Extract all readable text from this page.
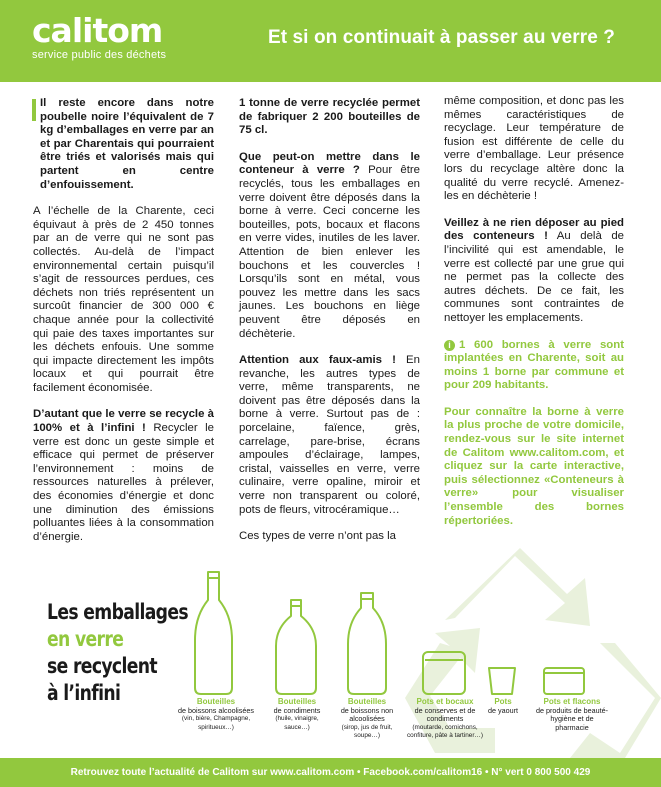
calitom
service public des déchets
Et si on continuait à passer au verre ?

Il reste encore dans notre poubelle noire l’équivalent de 7 kg d’emballages en verre par an et par Charentais qui pourraient être triés et valorisés mais qui partent en centre d’enfouissement.

A l’échelle de la Charente, ceci équivaut à près de 2 450 tonnes par an de verre qui ne sont pas collectés. Au-delà de l’impact environnemental certain puisqu’il s’agit de ressources perdues, ces déchets non triés représentent un surcoût financier de 300 000 € chaque année pour la collectivité qui paie des taxes importantes sur les déchets enfouis. Une somme qui impacte directement les impôts locaux et qui pourrait être facilement économisée.

D’autant que le verre se recycle à 100% et à l’infini ! Recycler le verre est donc un geste simple et efficace qui permet de préserver l’environnement : moins de ressources naturelles à prélever, des économies d’énergie et donc une diminution des émissions polluantes liées à la consommation d’énergie.

1 tonne de verre recyclée permet de fabriquer 2 200 bouteilles de 75 cl.

Que peut-on mettre dans le conteneur à verre ? Pour être recyclés, tous les emballages en verre doivent être déposés dans la borne à verre. Ceci concerne les bouteilles, pots, bocaux et flacons en verre vides, inutiles de les laver. Attention de bien enlever les bouchons et les couvercles ! Lorsqu’ils sont en métal, vous pouvez les mettre dans les sacs jaunes. Les bouchons en liège peuvent être déposés en déchèterie.

Attention aux faux-amis ! En revanche, les autres types de verre, même transparents, ne doivent pas être déposés dans la borne à verre. Surtout pas de : porcelaine, faïence, grès, carrelage, pare-brise, écrans ampoules d’éclairage, lampes, cristal, vaisselles en verre, verre culinaire, verre opaline, miroir et verre non transparent ou coloré, pots de fleurs, vitrocéramique…

Ces types de verre n’ont pas la

même composition, et donc pas les mêmes caractéristiques de recyclage. Leur température de fusion est différente de celle du verre d’emballage. Leur présence lors du recyclage altère donc la qualité du verre recyclé. Amenez-les en déchèterie !

Veillez à ne rien déposer au pied des conteneurs ! Au delà de l’incivilité qui est amendable, le verre est collecté par une grue qui ne permet pas la collecte des autres déchets. De ce fait, les communes sont contraintes de nettoyer les emplacements.

i 1 600 bornes à verre sont implantées en Charente, soit au moins 1 borne par commune et pour 209 habitants.

Pour connaître la borne à verre la plus proche de votre domicile, rendez-vous sur le site internet de Calitom www.calitom.com, et cliquez sur la carte interactive, puis sélectionnez «Conteneurs à verre» pour visualiser l’ensemble des bornes répertoriées.

Les emballages
en verre
se recyclent
à l’infini	Bouteilles
de boissons alcoolisées
(vin, bière, Champagne, spiritueux…)
Bouteilles
de condiments
(huile, vinaigre, sauce…)
Bouteilles
de boissons non alcoolisées
(sirop, jus de fruit, soupe…)
Pots et bocaux
de conserves et de condiments
(moutarde, cornichons, confiture, pâte à tartiner…)
Pots
de yaourt
Pots et flacons
de produits de beauté-hygiène et de pharmacie
Retrouvez toute l’actualité de Calitom sur www.calitom.com • Facebook.com/calitom16 • N° vert 0 800 500 429
